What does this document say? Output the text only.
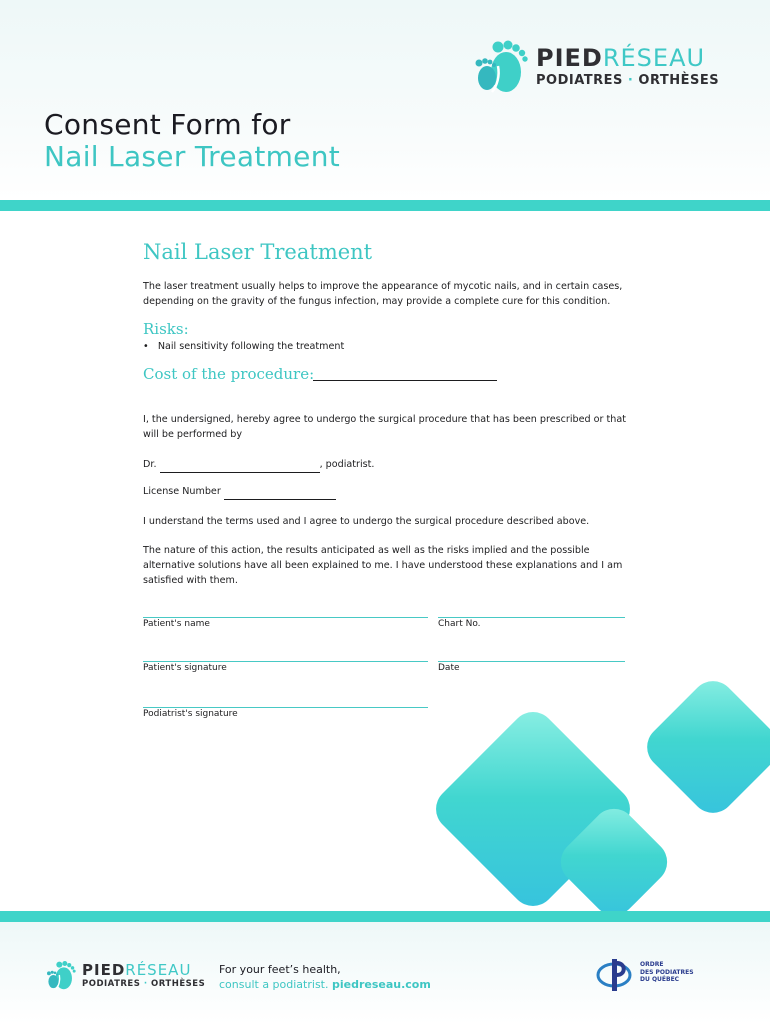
PIEDRÉSEAU
PODIATRES · ORTHÈSES
Consent Form for
Nail Laser Treatment
Nail Laser Treatment
The laser treatment usually helps to improve the appearance of mycotic nails, and in certain cases, depending on the gravity of the fungus infection, may provide a complete cure for this condition.
Risks:
• Nail sensitivity following the treatment
Cost of the procedure:
I, the undersigned, hereby agree to undergo the surgical procedure that has been prescribed or that will be performed by
Dr.	, podiatrist.
License Number
I understand the terms used and I agree to undergo the surgical procedure described above.
The nature of this action, the results anticipated as well as the risks implied and the possible alternative solutions have all been explained to me. I have understood these explanations and I am satisfied with them.
Patient's name	Chart No.
Patient's signature	Date
Podiatrist's signature
PIEDRÉSEAU
PODIATRES · ORTHÈSES
For your feet’s health,
consult a podiatrist. piedreseau.com
ORDRE
DES PODIATRES
DU QUÉBEC
